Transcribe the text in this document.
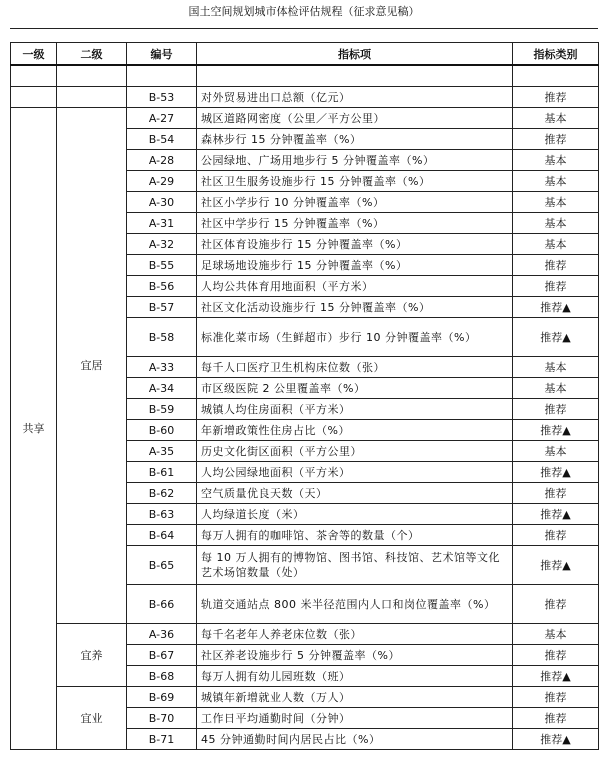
国土空间规划城市体检评估规程（征求意见稿）
一级	二级	编号	指标项	指标类别

		B-53	对外贸易进出口总额（亿元）	推荐
共享	宜居	A-27	城区道路网密度（公里／平方公里）	基本
		B-54	森林步行 15 分钟覆盖率（%）	推荐
		A-28	公园绿地、广场用地步行 5 分钟覆盖率（%）	基本
		A-29	社区卫生服务设施步行 15 分钟覆盖率（%）	基本
		A-30	社区小学步行 10 分钟覆盖率（%）	基本
		A-31	社区中学步行 15 分钟覆盖率（%）	基本
		A-32	社区体育设施步行 15 分钟覆盖率（%）	基本
		B-55	足球场地设施步行 15 分钟覆盖率（%）	推荐
		B-56	人均公共体育用地面积（平方米）	推荐
		B-57	社区文化活动设施步行 15 分钟覆盖率（%）	推荐▲
		B-58	标准化菜市场（生鲜超市）步行 10 分钟覆盖率（%）	推荐▲
		A-33	每千人口医疗卫生机构床位数（张）	基本
		A-34	市区级医院 2 公里覆盖率（%）	基本
		B-59	城镇人均住房面积（平方米）	推荐
		B-60	年新增政策性住房占比（%）	推荐▲
		A-35	历史文化街区面积（平方公里）	基本
		B-61	人均公园绿地面积（平方米）	推荐▲
		B-62	空气质量优良天数（天）	推荐
		B-63	人均绿道长度（米）	推荐▲
		B-64	每万人拥有的咖啡馆、茶舍等的数量（个）	推荐
		B-65	每 10 万人拥有的博物馆、图书馆、科技馆、艺术馆等文化艺术场馆数量（处）	推荐▲
		B-66	轨道交通站点 800 米半径范围内人口和岗位覆盖率（%）	推荐
	宜养	A-36	每千名老年人养老床位数（张）	基本
		B-67	社区养老设施步行 5 分钟覆盖率（%）	推荐
		B-68	每万人拥有幼儿园班数（班）	推荐▲
	宜业	B-69	城镇年新增就业人数（万人）	推荐
		B-70	工作日平均通勤时间（分钟）	推荐
		B-71	45 分钟通勤时间内居民占比（%）	推荐▲
